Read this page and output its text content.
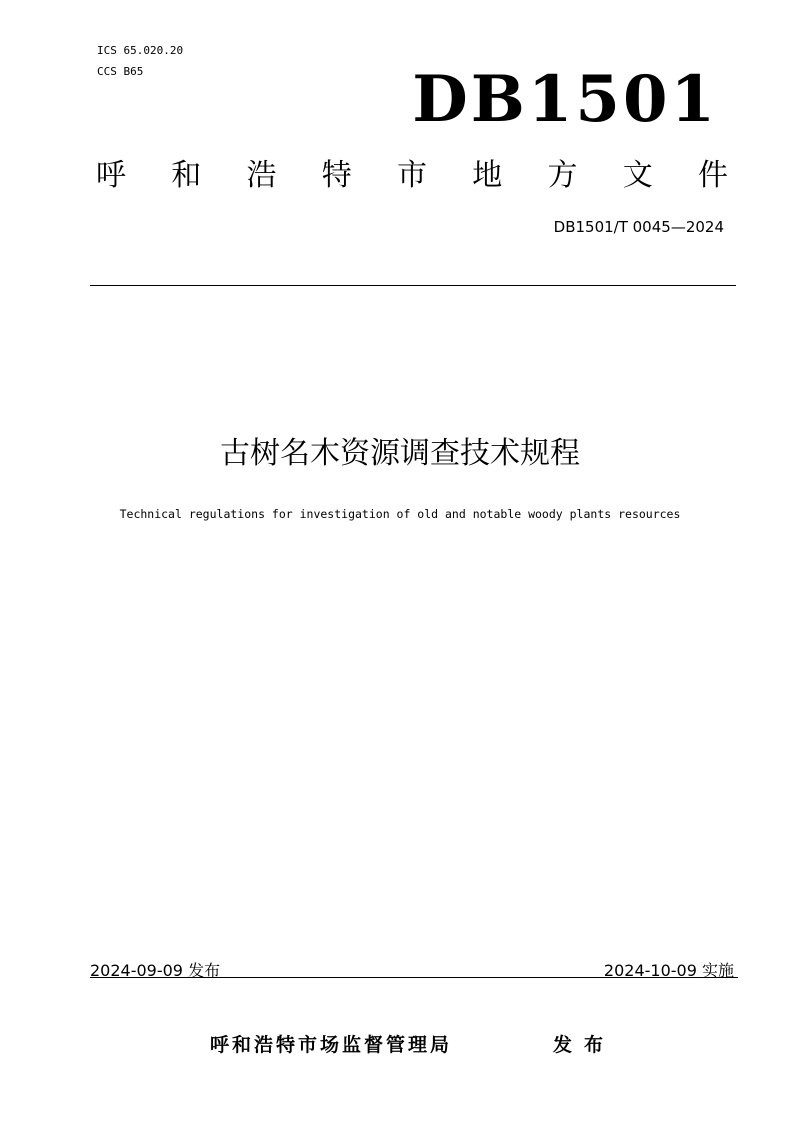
ICS 65.020.20
CCS B65	DB1501
呼 和 浩 特 市 地 方 文 件
DB1501/T 0045—2024
古树名木资源调查技术规程
Technical regulations for investigation of old and notable woody plants resources
2024-09-09 发布	2024-10-09 实施
呼和浩特市场监督管理局	发布
